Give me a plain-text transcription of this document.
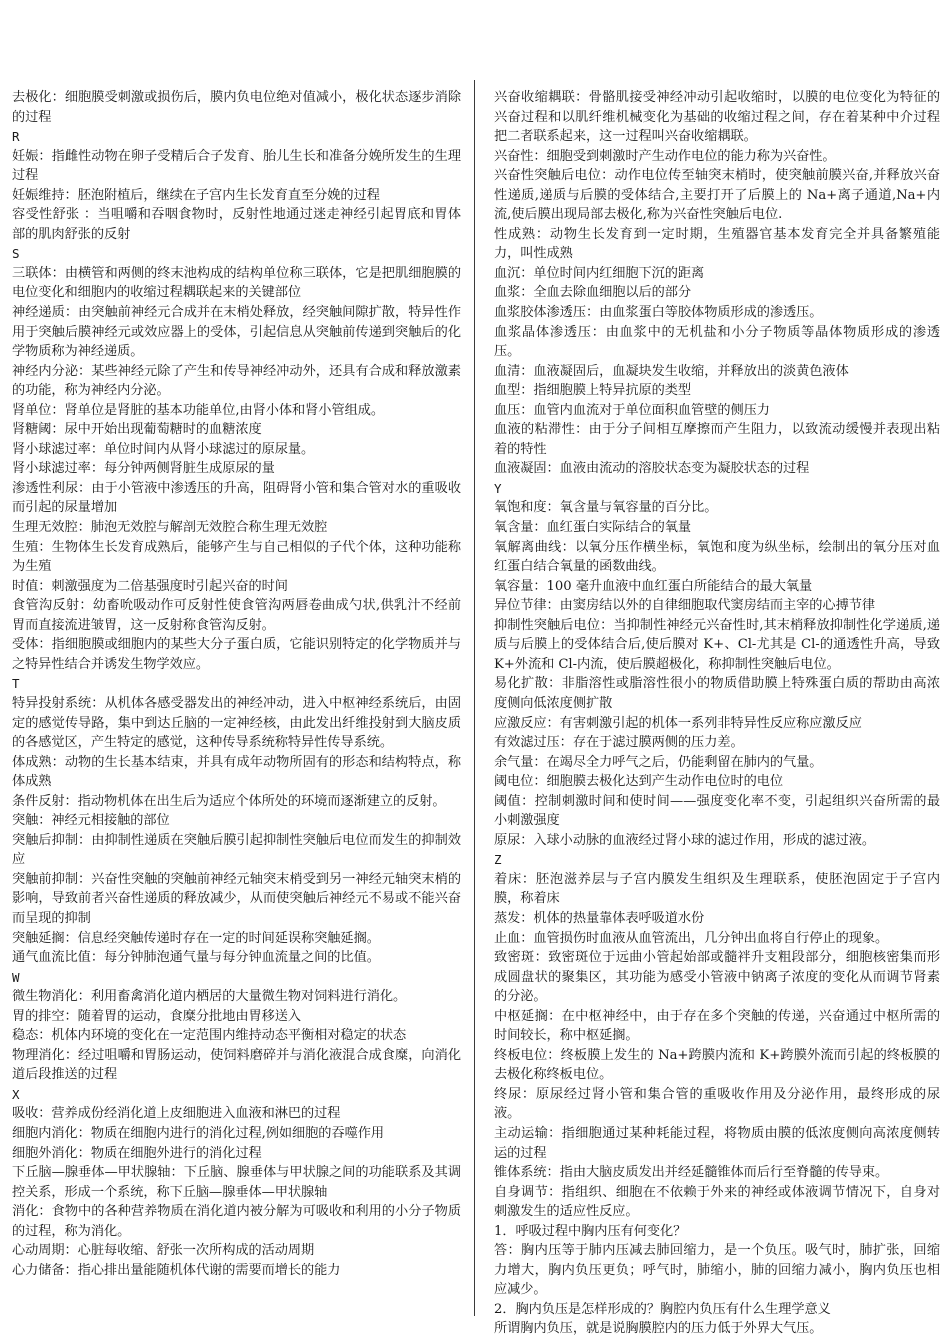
去极化：细胞膜受刺激或损伤后，膜内负电位绝对值减小，极化状态逐步消除的过程

R

妊娠：指雌性动物在卵子受精后合子发育、胎儿生长和准备分娩所发生的生理过程

妊娠维持：胚泡附植后，继续在子宫内生长发育直至分娩的过程

容受性舒张 ：当咀嚼和吞咽食物时，反射性地通过迷走神经引起胃底和胃体部的肌肉舒张的反射

S

三联体：由横管和两侧的终末池构成的结构单位称三联体，它是把肌细胞膜的电位变化和细胞内的收缩过程耦联起来的关键部位

神经递质：由突触前神经元合成并在末梢处释放，经突触间隙扩散，特异性作用于突触后膜神经元或效应器上的受体，引起信息从突触前传递到突触后的化学物质称为神经递质。

神经内分泌：某些神经元除了产生和传导神经冲动外，还具有合成和释放激素的功能，称为神经内分泌。

肾单位：肾单位是肾脏的基本功能单位,由肾小体和肾小管组成。

肾糖阈：尿中开始出现葡萄糖时的血糖浓度

肾小球滤过率：单位时间内从肾小球滤过的原尿量。

肾小球滤过率：每分钟两侧肾脏生成原尿的量

渗透性利尿：由于小管液中渗透压的升高，阻碍肾小管和集合管对水的重吸收而引起的尿量增加

生理无效腔：肺泡无效腔与解剖无效腔合称生理无效腔

生殖：生物体生长发育成熟后，能够产生与自己相似的子代个体，这种功能称为生殖

时值：刺激强度为二倍基强度时引起兴奋的时间

食管沟反射：幼畜吮吸动作可反射性使食管沟两唇卷曲成勺状,供乳汁不经前胃而直接流进皱胃，这一反射称食管沟反射。

受体：指细胞膜或细胞内的某些大分子蛋白质，它能识别特定的化学物质并与之特异性结合并诱发生物学效应。

T

特异投射系统：从机体各感受器发出的神经冲动，进入中枢神经系统后，由固定的感觉传导路，集中到达丘脑的一定神经核，由此发出纤维投射到大脑皮质的各感觉区，产生特定的感觉，这种传导系统称特异性传导系统。

体成熟：动物的生长基本结束，并具有成年动物所固有的形态和结构特点，称体成熟

条件反射：指动物机体在出生后为适应个体所处的环境而逐渐建立的反射。

突触：神经元相接触的部位

突触后抑制：由抑制性递质在突触后膜引起抑制性突触后电位而发生的抑制效应

突触前抑制：兴奋性突触的突触前神经元轴突末梢受到另一神经元轴突末梢的影响，导致前者兴奋性递质的释放减少，从而使突触后神经元不易或不能兴奋而呈现的抑制

突触延搁：信息经突触传递时存在一定的时间延误称突触延搁。

通气血流比值：每分钟肺泡通气量与每分钟血流量之间的比值。

W

微生物消化：利用畜禽消化道内栖居的大量微生物对饲料进行消化。

胃的排空：随着胃的运动，食糜分批地由胃移送入

稳态：机体内环境的变化在一定范围内维持动态平衡相对稳定的状态

物理消化：经过咀嚼和胃肠运动，使饲料磨碎并与消化液混合成食糜，向消化道后段推送的过程

X

吸收：营养成份经消化道上皮细胞进入血液和淋巴的过程

细胞内消化：物质在细胞内进行的消化过程,例如细胞的吞噬作用

细胞外消化：物质在细胞外进行的消化过程

下丘脑—腺垂体—甲状腺轴：下丘脑、腺垂体与甲状腺之间的功能联系及其调控关系，形成一个系统，称下丘脑—腺垂体—甲状腺轴

消化：食物中的各种营养物质在消化道内被分解为可吸收和利用的小分子物质的过程，称为消化。

心动周期：心脏每收缩、舒张一次所构成的活动周期

心力储备：指心排出量能随机体代谢的需要而增长的能力

兴奋收缩耦联：骨骼肌接受神经冲动引起收缩时，以膜的电位变化为特征的兴奋过程和以肌纤维机械变化为基础的收缩过程之间，存在着某种中介过程把二者联系起来，这一过程叫兴奋收缩耦联。

兴奋性：细胞受到刺激时产生动作电位的能力称为兴奋性。

兴奋性突触后电位：动作电位传至轴突末梢时，使突触前膜兴奋,并释放兴奋性递质,递质与后膜的受体结合,主要打开了后膜上的 Na+离子通道,Na+内流,使后膜出现局部去极化,称为兴奋性突触后电位.

性成熟：动物生长发育到一定时期，生殖器官基本发育完全并具备繁殖能力，叫性成熟

血沉：单位时间内红细胞下沉的距离

血浆：全血去除血细胞以后的部分

血浆胶体渗透压：由血浆蛋白等胶体物质形成的渗透压。

血浆晶体渗透压：由血浆中的无机盐和小分子物质等晶体物质形成的渗透压。

血清：血液凝固后，血凝块发生收缩，并释放出的淡黄色液体

血型：指细胞膜上特异抗原的类型

血压：血管内血流对于单位面积血管壁的侧压力

血液的粘滞性：由于分子间相互摩擦而产生阻力，以致流动缓慢并表现出粘着的特性

血液凝固：血液由流动的溶胶状态变为凝胶状态的过程

Y

氧饱和度：氧含量与氧容量的百分比。

氧含量：血红蛋白实际结合的氧量

氧解离曲线：以氧分压作横坐标，氧饱和度为纵坐标，绘制出的氧分压对血红蛋白结合氧量的函数曲线。

氧容量：100 毫升血液中血红蛋白所能结合的最大氧量

异位节律：由窦房结以外的自律细胞取代窦房结而主宰的心搏节律

抑制性突触后电位：当抑制性神经元兴奋性时,其末梢释放抑制性化学递质,递质与后膜上的受体结合后,使后膜对 K+、Cl-尤其是 Cl-的通透性升高，导致 K+外流和 Cl-内流，使后膜超极化，称抑制性突触后电位。

易化扩散：非脂溶性或脂溶性很小的物质借助膜上特殊蛋白质的帮助由高浓度侧向低浓度侧扩散

应激反应：有害刺激引起的机体一系列非特异性反应称应激反应

有效滤过压：存在于滤过膜两侧的压力差。

余气量：在竭尽全力呼气之后，仍能剩留在肺内的气量。

阈电位：细胞膜去极化达到产生动作电位时的电位

阈值：控制刺激时间和使时间——强度变化率不变，引起组织兴奋所需的最小刺激强度

原尿：入球小动脉的血液经过肾小球的滤过作用，形成的滤过液。

Z

着床：胚泡滋养层与子宫内膜发生组织及生理联系，使胚泡固定于子宫内膜，称着床

蒸发：机体的热量靠体表呼吸道水份

止血：血管损伤时血液从血管流出，几分钟出血将自行停止的现象。

致密斑：致密斑位于远曲小管起始部或髓袢升支粗段部分，细胞核密集而形成圆盘状的聚集区，其功能为感受小管液中钠离子浓度的变化从而调节肾素的分泌。

中枢延搁：在中枢神经中，由于存在多个突触的传递，兴奋通过中枢所需的时间较长，称中枢延搁。

终板电位：终板膜上发生的 Na+跨膜内流和 K+跨膜外流而引起的终板膜的去极化称终板电位。

终尿：原尿经过肾小管和集合管的重吸收作用及分泌作用，最终形成的尿液。

主动运输：指细胞通过某种耗能过程，将物质由膜的低浓度侧向高浓度侧转运的过程

锥体系统：指由大脑皮质发出并经延髓锥体而后行至脊髓的传导束。

自身调节：指组织、细胞在不依赖于外来的神经或体液调节情况下，自身对刺激发生的适应性反应。

1．呼吸过程中胸内压有何变化？

答：胸内压等于肺内压减去肺回缩力，是一个负压。吸气时，肺扩张，回缩力增大，胸内负压更负；呼气时，肺缩小，肺的回缩力减小，胸内负压也相应减少。

2．胸内负压是怎样形成的？胸腔内负压有什么生理学意义

所谓胸内负压，就是说胸膜腔内的压力低于外界大气压。
